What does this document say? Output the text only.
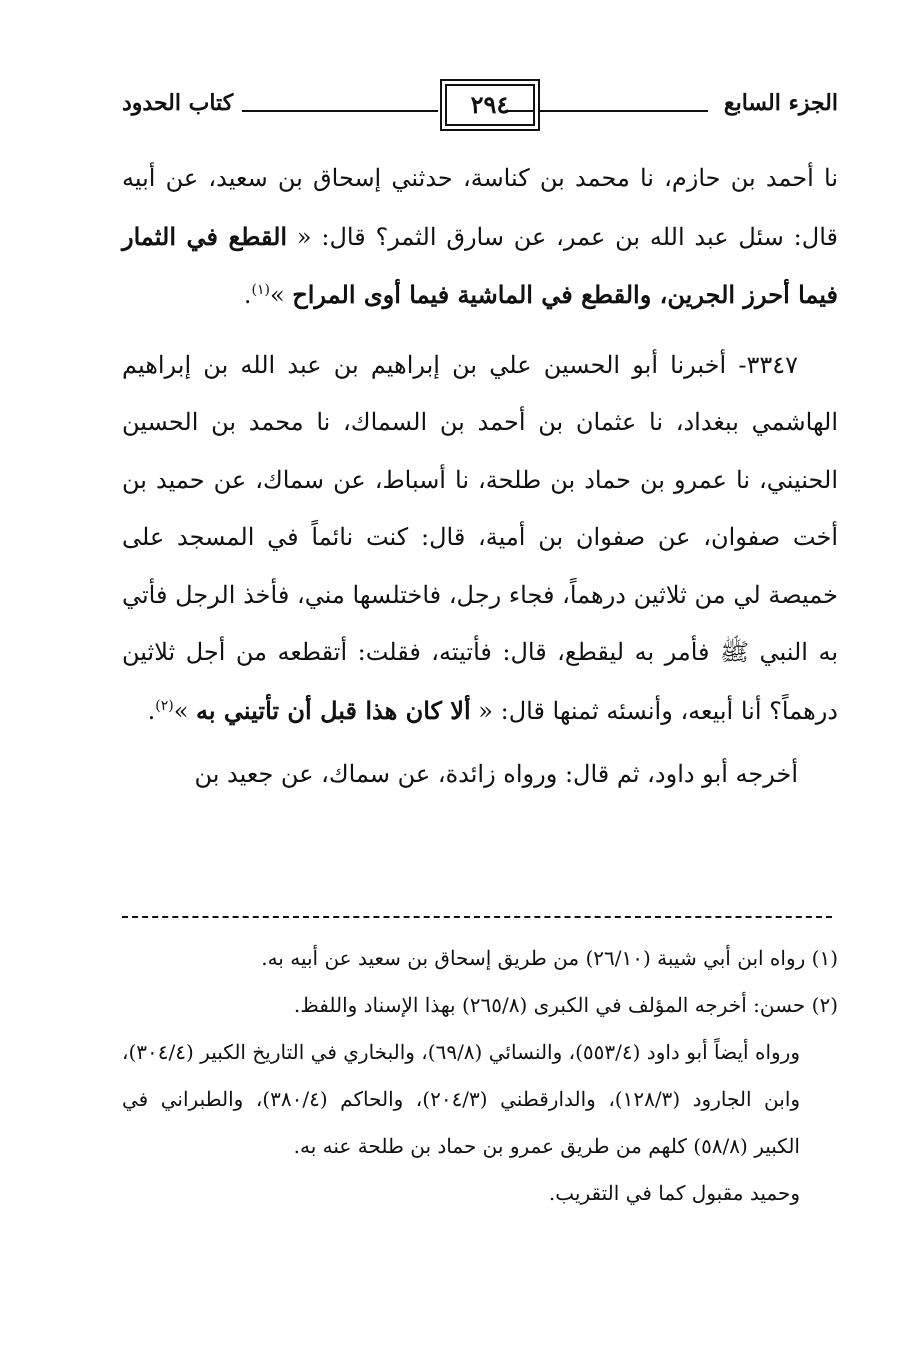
الجزء السابع
٢٩٤
كتاب الحدود

نا أحمد بن حازم، نا محمد بن كناسة، حدثني إسحاق بن سعيد، عن أبيه قال: سئل عبد الله بن عمر، عن سارق الثمر؟ قال: « القطع في الثمار فيما أحرز الجرين، والقطع في الماشية فيما أوى المراح »$^{(١)}$.

٣٣٤٧- أخبرنا أبو الحسين علي بن إبراهيم بن عبد الله بن إبراهيم الهاشمي ببغداد، نا عثمان بن أحمد بن السماك، نا محمد بن الحسين الحنيني، نا عمرو بن حماد بن طلحة، نا أسباط، عن سماك، عن حميد بن أخت صفوان، عن صفوان بن أمية، قال: كنت نائماً في المسجد على خميصة لي من ثلاثين درهماً، فجاء رجل، فاختلسها مني، فأخذ الرجل فأتي به النبي ﷺ فأمر به ليقطع، قال: فأتيته، فقلت: أتقطعه من أجل ثلاثين درهماً؟ أنا أبيعه، وأنسئه ثمنها قال: « ألا كان هذا قبل أن تأتيني به »$^{(٢)}$.

أخرجه أبو داود، ثم قال: ورواه زائدة، عن سماك، عن جعيد بن

(١) رواه ابن أبي شيبة (٢٦/١٠) من طريق إسحاق بن سعيد عن أبيه به.

(٢) حسن: أخرجه المؤلف في الكبرى (٢٦٥/٨) بهذا الإسناد واللفظ.

ورواه أيضاً أبو داود (٥٥٣/٤)، والنسائي (٦٩/٨)، والبخاري في التاريخ الكبير (٣٠٤/٤)، وابن الجارود (١٢٨/٣)، والدارقطني (٢٠٤/٣)، والحاكم (٣٨٠/٤)، والطبراني في الكبير (٥٨/٨) كلهم من طريق عمرو بن حماد بن طلحة عنه به.

وحميد مقبول كما في التقريب.
